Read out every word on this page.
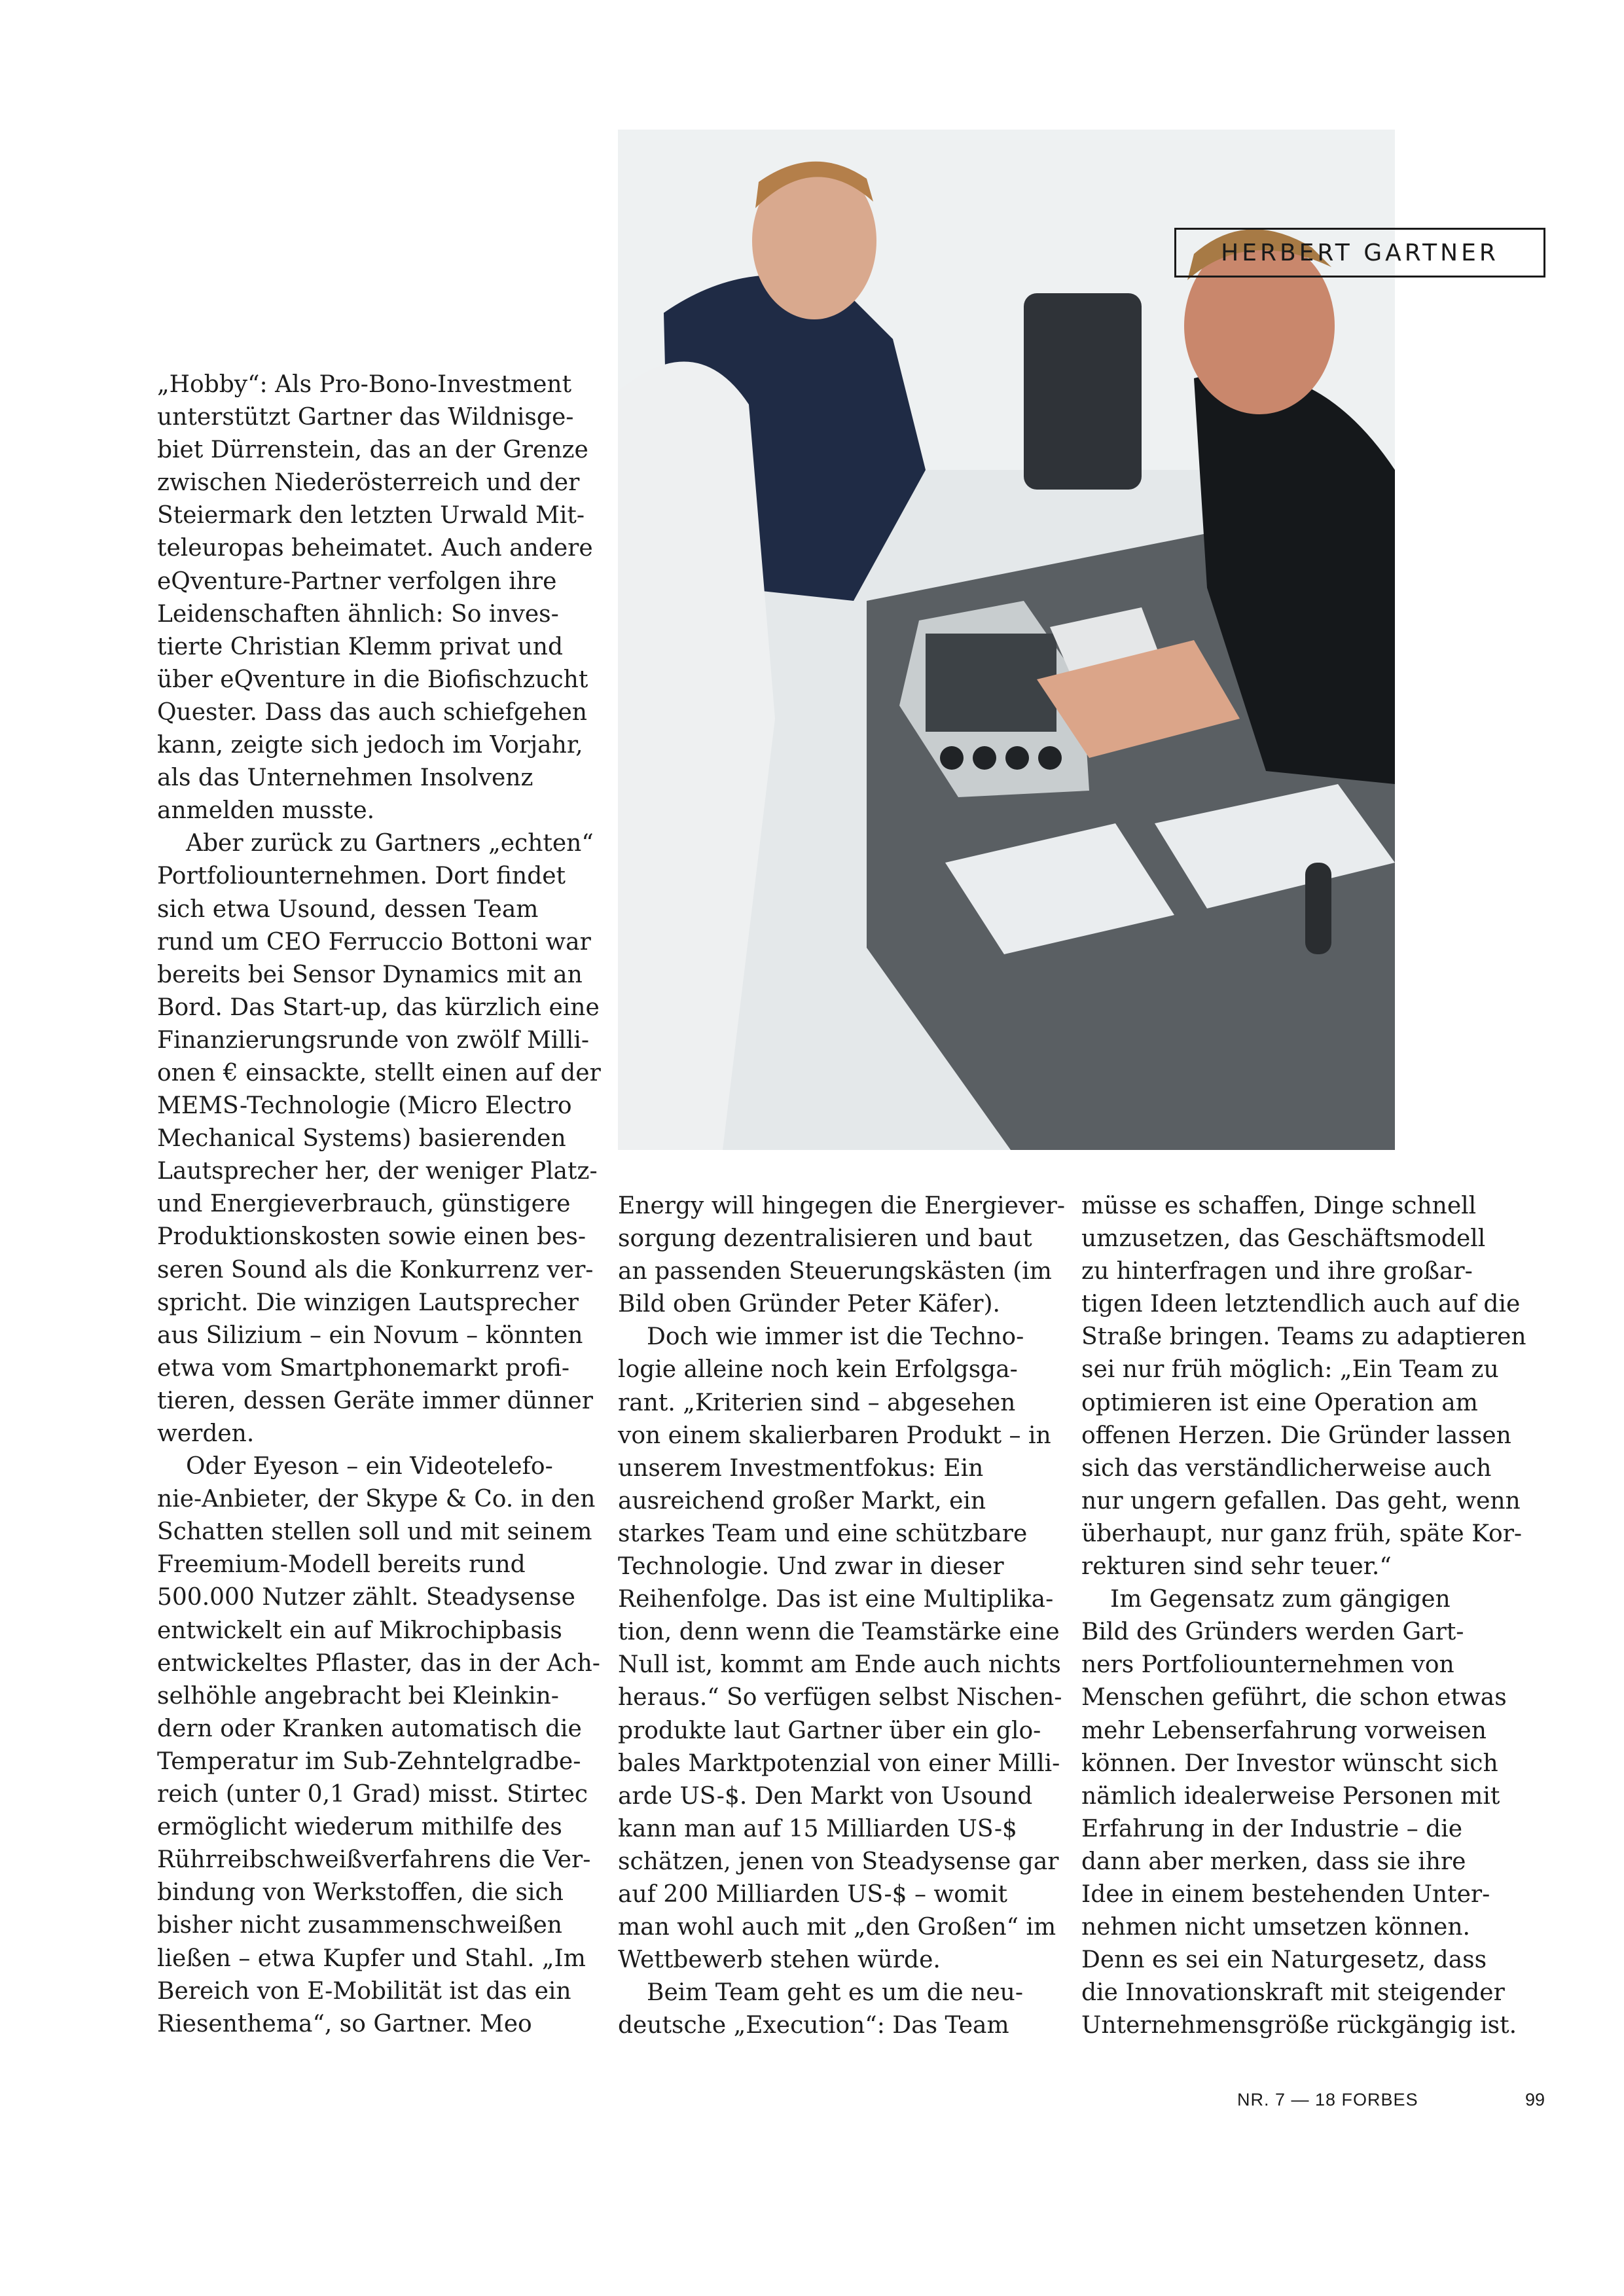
HERBERT GARTNER
„Hobby“: Als Pro-Bono-Investment
unterstützt Gartner das Wildnisge-
biet Dürrenstein, das an der Grenze
zwischen Niederösterreich und der
Steiermark den letzten Urwald Mit-
teleuropas beheimatet. Auch andere
eQventure-Partner verfolgen ihre
Leidenschaften ähnlich: So inves-
tierte Christian Klemm privat und
über eQventure in die Biofischzucht
Quester. Dass das auch schiefgehen
kann, zeigte sich jedoch im Vorjahr,
als das Unternehmen Insolvenz
anmelden musste.
Aber zurück zu Gartners „echten“
Portfoliounternehmen. Dort findet
sich etwa Usound, dessen Team
rund um CEO Ferruccio Bottoni war
bereits bei Sensor Dynamics mit an
Bord. Das Start-up, das kürzlich eine
Finanzierungsrunde von zwölf Milli-
onen € einsackte, stellt einen auf der
MEMS-Technologie (Micro Electro
Mechanical Systems) basierenden
Lautsprecher her, der weniger Platz-
und Energieverbrauch, günstigere
Produktionskosten sowie einen bes-
seren Sound als die Konkurrenz ver-
spricht. Die winzigen Lautsprecher
aus Silizium – ein Novum – könnten
etwa vom Smartphonemarkt profi-
tieren, dessen Geräte immer dünner
werden.
Oder Eyeson – ein Videotelefo-
nie-Anbieter, der Skype & Co. in den
Schatten stellen soll und mit seinem
Freemium-Modell bereits rund
500.000 Nutzer zählt. Steadysense
entwickelt ein auf Mikrochipbasis
entwickeltes Pflaster, das in der Ach-
selhöhle angebracht bei Kleinkin-
dern oder Kranken automatisch die
Temperatur im Sub-Zehntelgradbe-
reich (unter 0,1 Grad) misst. Stirtec
ermöglicht wiederum mithilfe des
Rührreibschweißverfahrens die Ver-
bindung von Werkstoffen, die sich
bisher nicht zusammenschweißen
ließen – etwa Kupfer und Stahl. „Im
Bereich von E-Mobilität ist das ein
Riesenthema“, so Gartner. Meo
Energy will hingegen die Energiever-
sorgung dezentralisieren und baut
an passenden Steuerungskästen (im
Bild oben Gründer Peter Käfer).
Doch wie immer ist die Techno-
logie alleine noch kein Erfolgsga-
rant. „Kriterien sind – abgesehen
von einem skalierbaren Produkt – in
unserem Investmentfokus: Ein
ausreichend großer Markt, ein
starkes Team und eine schützbare
Technologie. Und zwar in dieser
Reihenfolge. Das ist eine Multiplika-
tion, denn wenn die Teamstärke eine
Null ist, kommt am Ende auch nichts
heraus.“ So verfügen selbst Nischen-
produkte laut Gartner über ein glo-
bales Marktpotenzial von einer Milli-
arde US-$. Den Markt von Usound
kann man auf 15 Milliarden US-$
schätzen, jenen von Steadysense gar
auf 200 Milliarden US-$ – womit
man wohl auch mit „den Großen“ im
Wettbewerb stehen würde.
Beim Team geht es um die neu-
deutsche „Execution“: Das Team
müsse es schaffen, Dinge schnell
umzusetzen, das Geschäftsmodell
zu hinterfragen und ihre großar-
tigen Ideen letztendlich auch auf die
Straße bringen. Teams zu adaptieren
sei nur früh möglich: „Ein Team zu
optimieren ist eine Operation am
offenen Herzen. Die Gründer lassen
sich das verständlicherweise auch
nur ungern gefallen. Das geht, wenn
überhaupt, nur ganz früh, späte Kor-
rekturen sind sehr teuer.“
Im Gegensatz zum gängigen
Bild des Gründers werden Gart-
ners Portfoliounternehmen von
Menschen geführt, die schon etwas
mehr Lebenserfahrung vorweisen
können. Der Investor wünscht sich
nämlich idealerweise Personen mit
Erfahrung in der Industrie – die
dann aber merken, dass sie ihre
Idee in einem bestehenden Unter-
nehmen nicht umsetzen können.
Denn es sei ein Naturgesetz, dass
die Innovationskraft mit steigender
Unternehmensgröße rückgängig ist.
NR. 7 — 18 FORBES	99
